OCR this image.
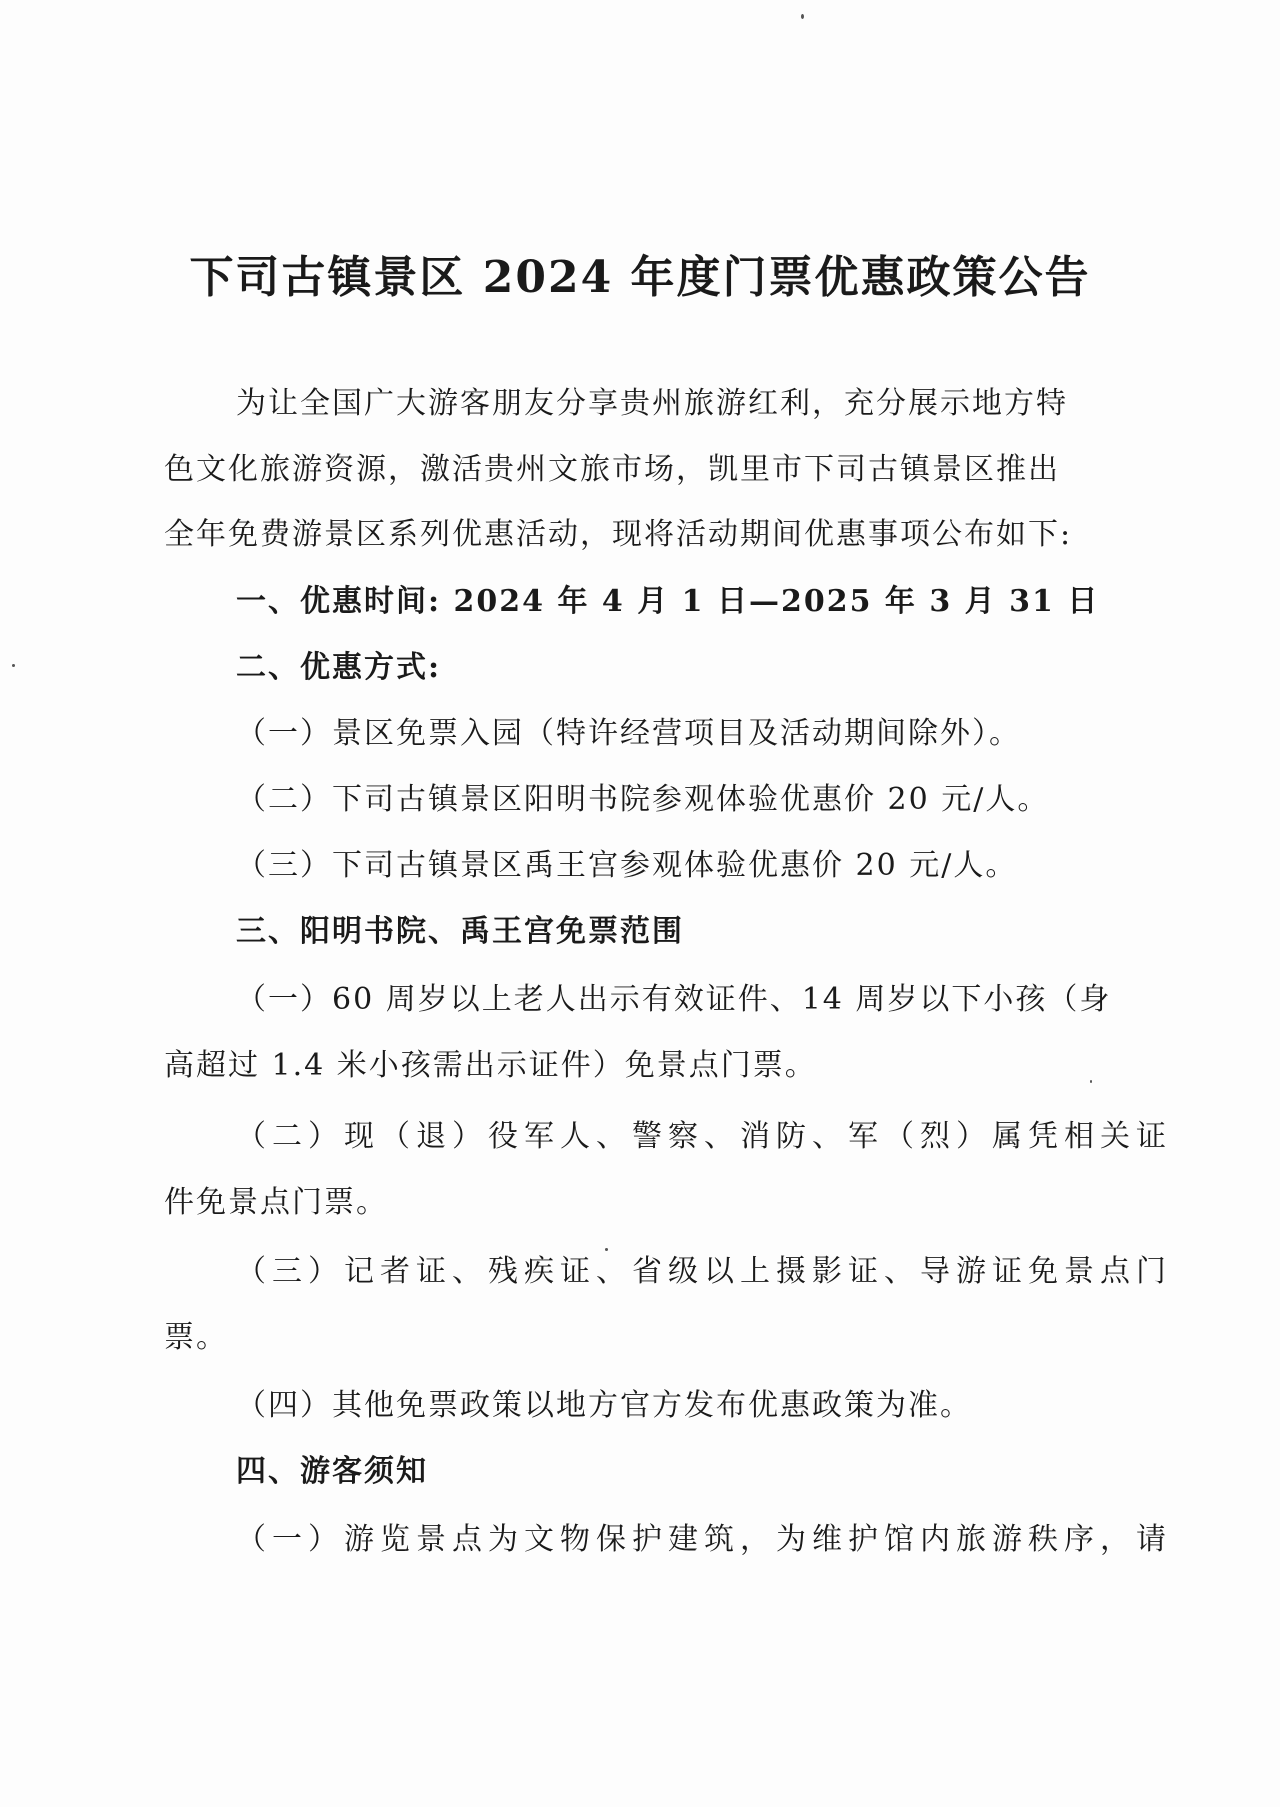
下司古镇景区 2024 年度门票优惠政策公告
为让全国广大游客朋友分享贵州旅游红利，充分展示地方特
色文化旅游资源，激活贵州文旅市场，凯里市下司古镇景区推出
全年免费游景区系列优惠活动，现将活动期间优惠事项公布如下:
一、优惠时间: 2024 年 4 月 1 日—2025 年 3 月 31 日
二、优惠方式:
（一）景区免票入园（特许经营项目及活动期间除外）。
（二）下司古镇景区阳明书院参观体验优惠价 20 元/人。
（三）下司古镇景区禹王宫参观体验优惠价 20 元/人。
三、阳明书院、禹王宫免票范围
（一）60 周岁以上老人出示有效证件、14 周岁以下小孩（身
高超过 1.4 米小孩需出示证件）免景点门票。
（二）现（退）役军人、警察、消防、军（烈）属凭相关证
件免景点门票。
（三）记者证、残疾证、省级以上摄影证、导游证免景点门
票。
（四）其他免票政策以地方官方发布优惠政策为准。
四、游客须知
（一）游览景点为文物保护建筑，为维护馆内旅游秩序，请
